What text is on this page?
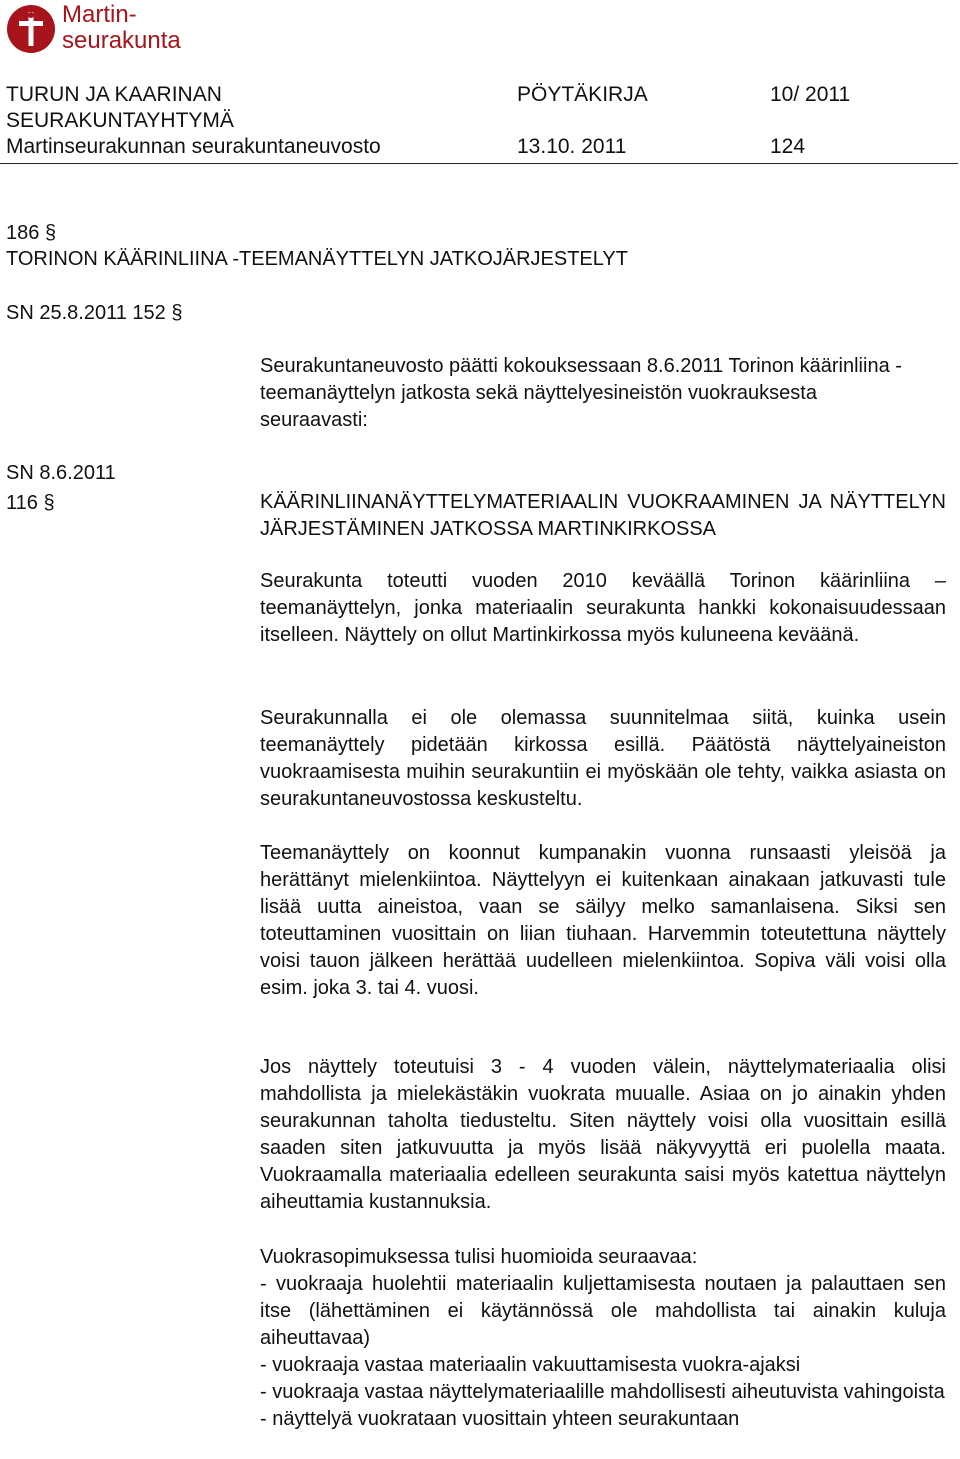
Martin-
seurakunta
TURUN JA KAARINAN
SEURAKUNTAYHTYMÄ
Martinseurakunnan seurakuntaneuvosto
PÖYTÄKIRJA	10/ 2011
13.10. 2011	124
186 §
TORINON KÄÄRINLIINA -TEEMANÄYTTELYN JATKOJÄRJESTELYT
SN 25.8.2011 152 §
SN 8.6.2011
116 §

Seurakuntaneuvosto päätti kokouksessaan 8.6.2011 Torinon käärinliina -teemanäyttelyn jatkosta sekä näyttelyesineistön vuokrauksesta seuraavasti:

KÄÄRINLIINANÄYTTELYMATERIAALIN VUOKRAAMINEN JA NÄYTTELYN JÄRJESTÄMINEN JATKOSSA MARTINKIRKOSSA

Seurakunta toteutti vuoden 2010 keväällä Torinon käärinliina –teemanäyttelyn, jonka materiaalin seurakunta hankki kokonaisuudessaan itselleen. Näyttely on ollut Martinkirkossa myös kuluneena keväänä.

Seurakunnalla ei ole olemassa suunnitelmaa siitä, kuinka usein teemanäyttely pidetään kirkossa esillä. Päätöstä näyttelyaineiston vuokraamisesta muihin seurakuntiin ei myöskään ole tehty, vaikka asiasta on seurakuntaneuvostossa keskusteltu.

Teemanäyttely on koonnut kumpanakin vuonna runsaasti yleisöä ja herättänyt mielenkiintoa. Näyttelyyn ei kuitenkaan ainakaan jatkuvasti tule lisää uutta aineistoa, vaan se säilyy melko samanlaisena. Siksi sen toteuttaminen vuosittain on liian tiuhaan. Harvemmin toteutettuna näyttely voisi tauon jälkeen herättää uudelleen mielenkiintoa. Sopiva väli voisi olla esim. joka 3. tai 4. vuosi.

Jos näyttely toteutuisi 3 - 4 vuoden välein, näyttelymateriaalia olisi mahdollista ja mielekästäkin vuokrata muualle. Asiaa on jo ainakin yhden seurakunnan taholta tiedusteltu. Siten näyttely voisi olla vuosittain esillä saaden siten jatkuvuutta ja myös lisää näkyvyyttä eri puolella maata. Vuokraamalla materiaalia edelleen seurakunta saisi myös katettua näyttelyn aiheuttamia kustannuksia.

Vuokrasopimuksessa tulisi huomioida seuraavaa:

- vuokraaja huolehtii materiaalin kuljettamisesta noutaen ja palauttaen sen itse (lähettäminen ei käytännössä ole mahdollista tai ainakin kuluja aiheuttavaa)

- vuokraaja vastaa materiaalin vakuuttamisesta vuokra-ajaksi

- vuokraaja vastaa näyttelymateriaalille mahdollisesti aiheutuvista vahingoista

- näyttelyä vuokrataan vuosittain yhteen seurakuntaan
